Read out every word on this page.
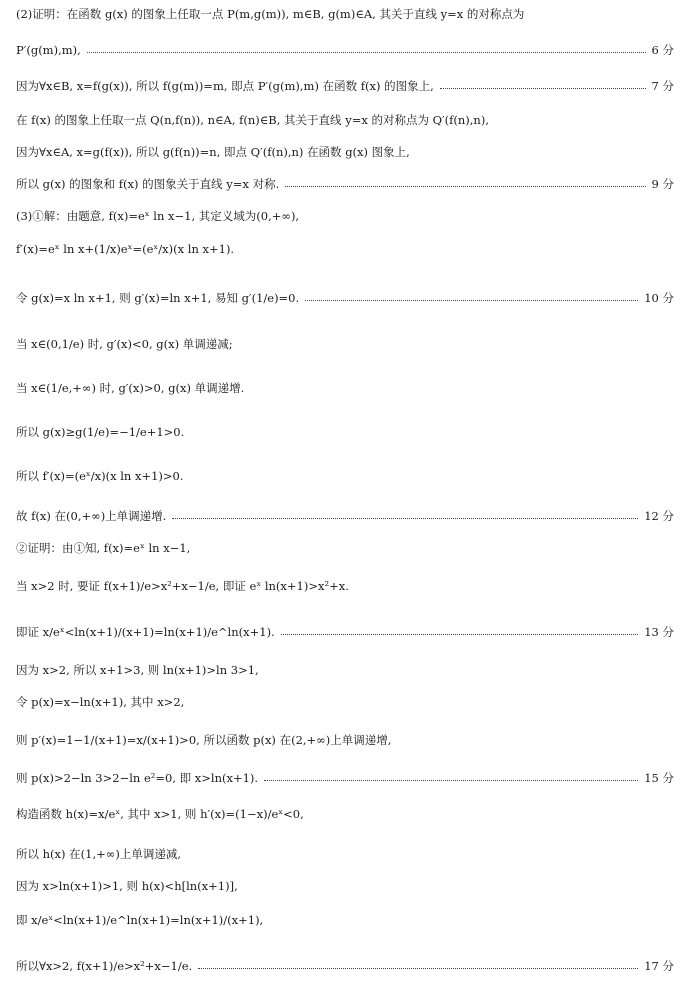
(2)证明：在函数 g(x) 的图象上任取一点 P(m,g(m)), m∈B, g(m)∈A, 其关于直线 y=x 的对称点为
P′(g(m),m),	6 分
因为∀x∈B, x=f(g(x)), 所以 f(g(m))=m, 即点 P′(g(m),m) 在函数 f(x) 的图象上,	7 分
在 f(x) 的图象上任取一点 Q(n,f(n)), n∈A, f(n)∈B, 其关于直线 y=x 的对称点为 Q′(f(n),n),
因为∀x∈A, x=g(f(x)), 所以 g(f(n))=n, 即点 Q′(f(n),n) 在函数 g(x) 图象上,
所以 g(x) 的图象和 f(x) 的图象关于直线 y=x 对称.	9 分
(3)①解：由题意, f(x)=eˣ ln x−1, 其定义域为(0,+∞),
f′(x)=eˣ ln x+(1/x)eˣ=(eˣ/x)(x ln x+1).
令 g(x)=x ln x+1, 则 g′(x)=ln x+1, 易知 g′(1/e)=0.	10 分
当 x∈(0,1/e) 时, g′(x)<0, g(x) 单调递减;
当 x∈(1/e,+∞) 时, g′(x)>0, g(x) 单调递增.
所以 g(x)≥g(1/e)=−1/e+1>0.
所以 f′(x)=(eˣ/x)(x ln x+1)>0.
故 f(x) 在(0,+∞)上单调递增.	12 分
②证明：由①知, f(x)=eˣ ln x−1,
当 x>2 时, 要证 f(x+1)/e>x²+x−1/e, 即证 eˣ ln(x+1)>x²+x.
即证 x/eˣ<ln(x+1)/(x+1)=ln(x+1)/e^ln(x+1).	13 分
因为 x>2, 所以 x+1>3, 则 ln(x+1)>ln 3>1,
令 p(x)=x−ln(x+1), 其中 x>2,
则 p′(x)=1−1/(x+1)=x/(x+1)>0, 所以函数 p(x) 在(2,+∞)上单调递增,
则 p(x)>2−ln 3>2−ln e²=0, 即 x>ln(x+1).	15 分
构造函数 h(x)=x/eˣ, 其中 x>1, 则 h′(x)=(1−x)/eˣ<0,
所以 h(x) 在(1,+∞)上单调递减,
因为 x>ln(x+1)>1, 则 h(x)<h[ln(x+1)],
即 x/eˣ<ln(x+1)/e^ln(x+1)=ln(x+1)/(x+1),
所以∀x>2, f(x+1)/e>x²+x−1/e.	17 分
